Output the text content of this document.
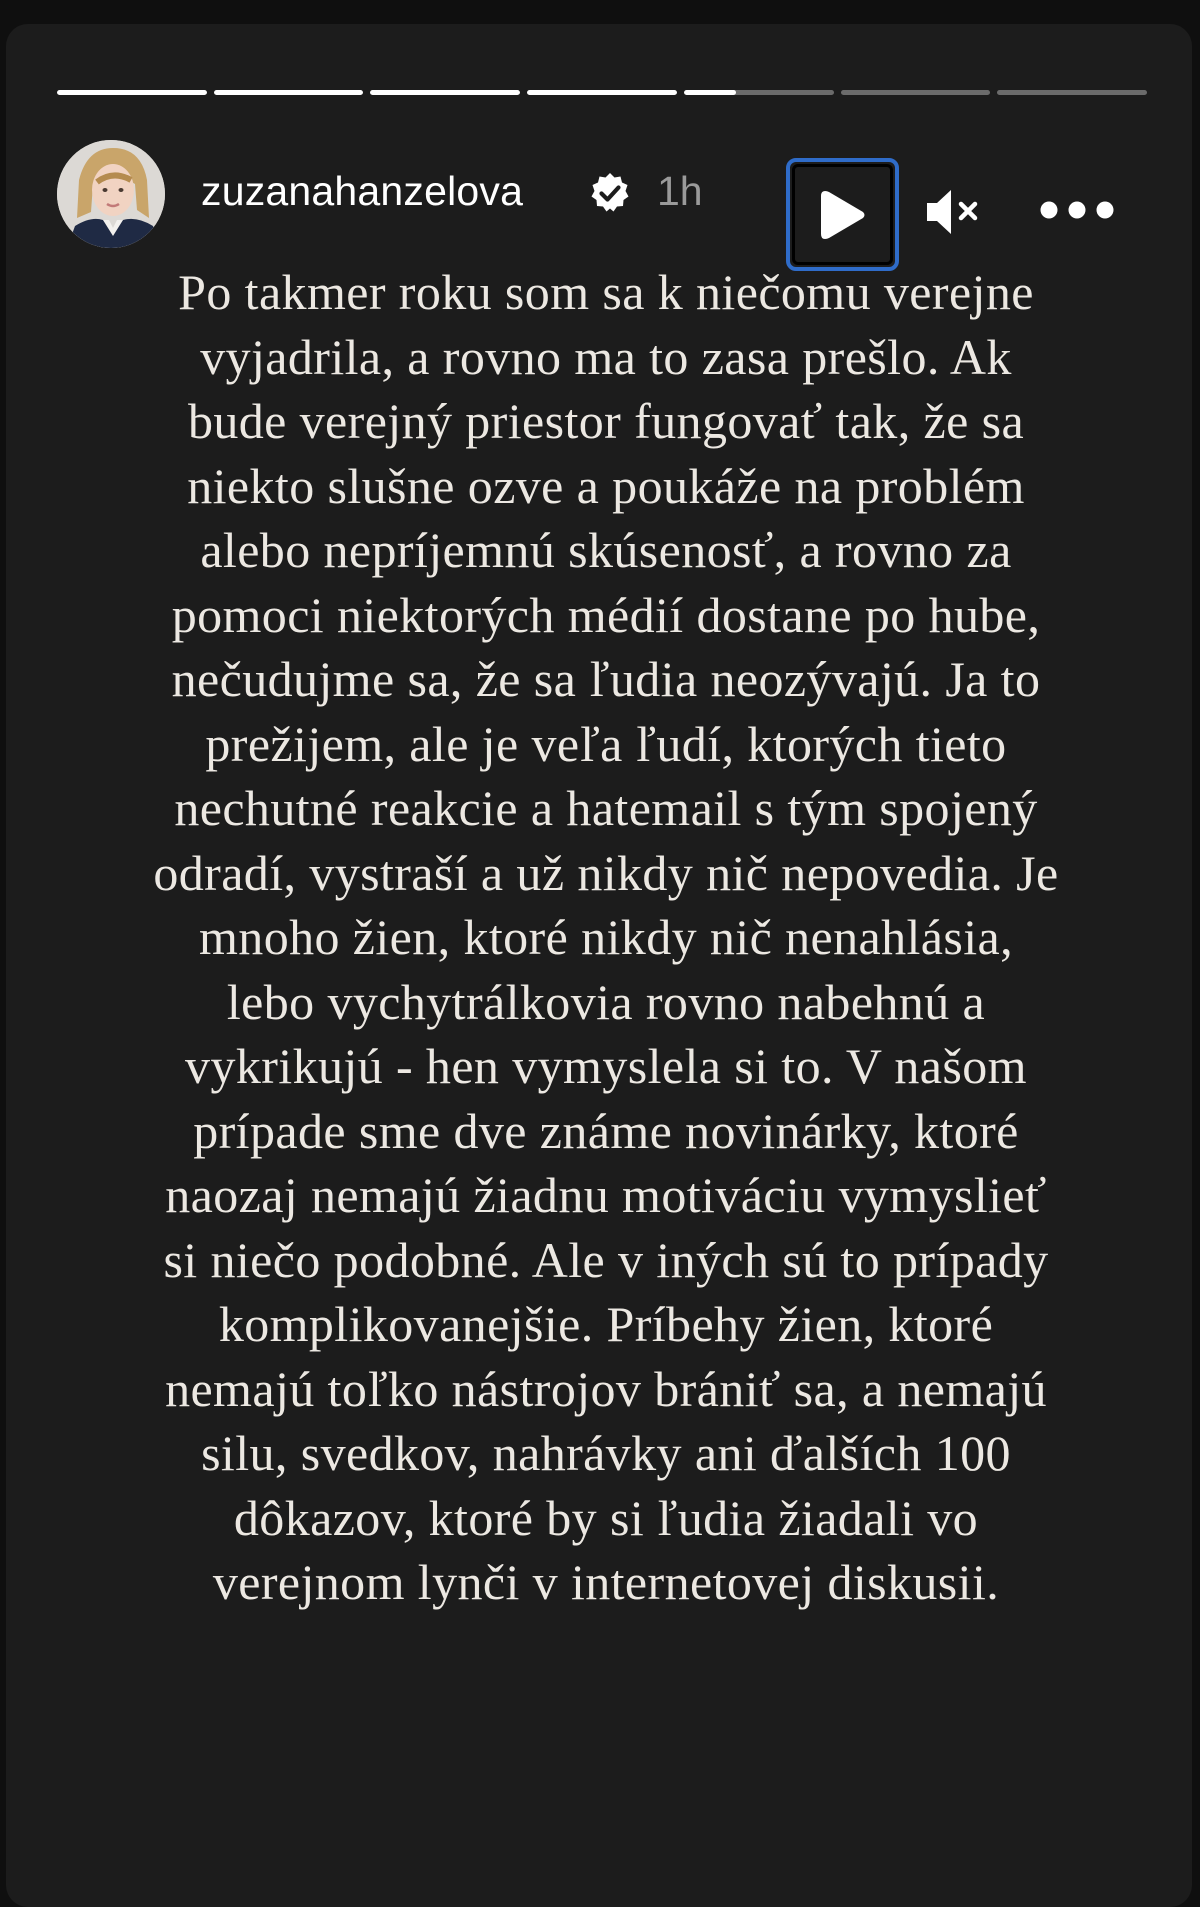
zuzanahanzelova	1h

Po takmer roku som sa k niečomu verejne
vyjadrila, a rovno ma to zasa prešlo. Ak
bude verejný priestor fungovať tak, že sa
niekto slušne ozve a poukáže na problém
alebo nepríjemnú skúsenosť, a rovno za
pomoci niektorých médií dostane po hube,
nečudujme sa, že sa ľudia neozývajú. Ja to
prežijem, ale je veľa ľudí, ktorých tieto
nechutné reakcie a hatemail s tým spojený
odradí, vystraší a už nikdy nič nepovedia. Je
mnoho žien, ktoré nikdy nič nenahlásia,
lebo vychytrálkovia rovno nabehnú a
vykrikujú - hen vymyslela si to. V našom
prípade sme dve známe novinárky, ktoré
naozaj nemajú žiadnu motiváciu vymyslieť
si niečo podobné. Ale v iných sú to prípady
komplikovanejšie. Príbehy žien, ktoré
nemajú toľko nástrojov brániť sa, a nemajú
silu, svedkov, nahrávky ani ďalších 100
dôkazov, ktoré by si ľudia žiadali vo
verejnom lynči v internetovej diskusii.
